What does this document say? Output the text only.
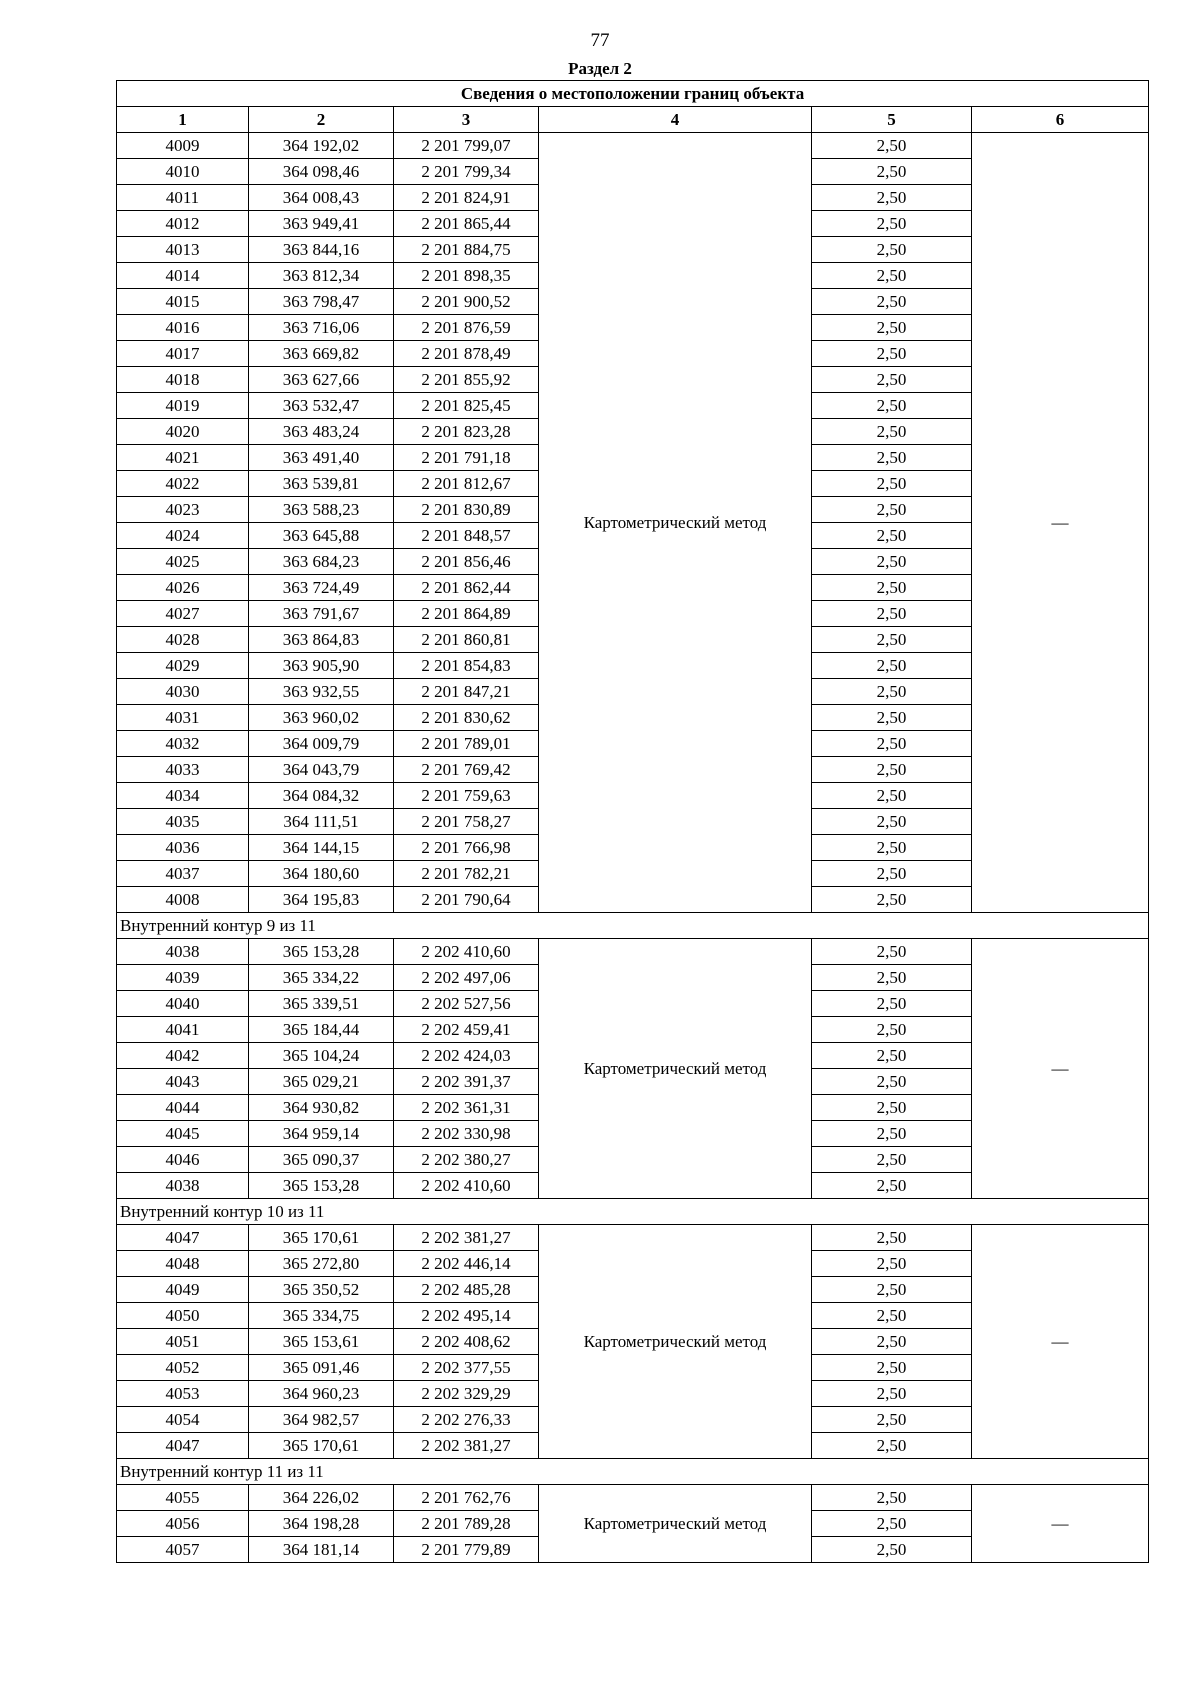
77
Раздел 2
Сведения о местоположении границ объекта					
1	2	3	4	5	6
4009	364 192,02	2 201 799,07	Картометрический метод	2,50	—
4010	364 098,46	2 201 799,34		2,50	
4011	364 008,43	2 201 824,91		2,50	
4012	363 949,41	2 201 865,44		2,50	
4013	363 844,16	2 201 884,75		2,50	
4014	363 812,34	2 201 898,35		2,50	
4015	363 798,47	2 201 900,52		2,50	
4016	363 716,06	2 201 876,59		2,50	
4017	363 669,82	2 201 878,49		2,50	
4018	363 627,66	2 201 855,92		2,50	
4019	363 532,47	2 201 825,45		2,50	
4020	363 483,24	2 201 823,28		2,50	
4021	363 491,40	2 201 791,18		2,50	
4022	363 539,81	2 201 812,67		2,50	
4023	363 588,23	2 201 830,89		2,50	
4024	363 645,88	2 201 848,57		2,50	
4025	363 684,23	2 201 856,46		2,50	
4026	363 724,49	2 201 862,44		2,50	
4027	363 791,67	2 201 864,89		2,50	
4028	363 864,83	2 201 860,81		2,50	
4029	363 905,90	2 201 854,83		2,50	
4030	363 932,55	2 201 847,21		2,50	
4031	363 960,02	2 201 830,62		2,50	
4032	364 009,79	2 201 789,01		2,50	
4033	364 043,79	2 201 769,42		2,50	
4034	364 084,32	2 201 759,63		2,50	
4035	364 111,51	2 201 758,27		2,50	
4036	364 144,15	2 201 766,98		2,50	
4037	364 180,60	2 201 782,21		2,50	
4008	364 195,83	2 201 790,64		2,50	
Внутренний контур 9 из 11					
4038	365 153,28	2 202 410,60	Картометрический метод	2,50	—
4039	365 334,22	2 202 497,06		2,50	
4040	365 339,51	2 202 527,56		2,50	
4041	365 184,44	2 202 459,41		2,50	
4042	365 104,24	2 202 424,03		2,50	
4043	365 029,21	2 202 391,37		2,50	
4044	364 930,82	2 202 361,31		2,50	
4045	364 959,14	2 202 330,98		2,50	
4046	365 090,37	2 202 380,27		2,50	
4038	365 153,28	2 202 410,60		2,50	
Внутренний контур 10 из 11					
4047	365 170,61	2 202 381,27	Картометрический метод	2,50	—
4048	365 272,80	2 202 446,14		2,50	
4049	365 350,52	2 202 485,28		2,50	
4050	365 334,75	2 202 495,14		2,50	
4051	365 153,61	2 202 408,62		2,50	
4052	365 091,46	2 202 377,55		2,50	
4053	364 960,23	2 202 329,29		2,50	
4054	364 982,57	2 202 276,33		2,50	
4047	365 170,61	2 202 381,27		2,50	
Внутренний контур 11 из 11					
4055	364 226,02	2 201 762,76	Картометрический метод	2,50	—
4056	364 198,28	2 201 789,28		2,50	
4057	364 181,14	2 201 779,89		2,50	
